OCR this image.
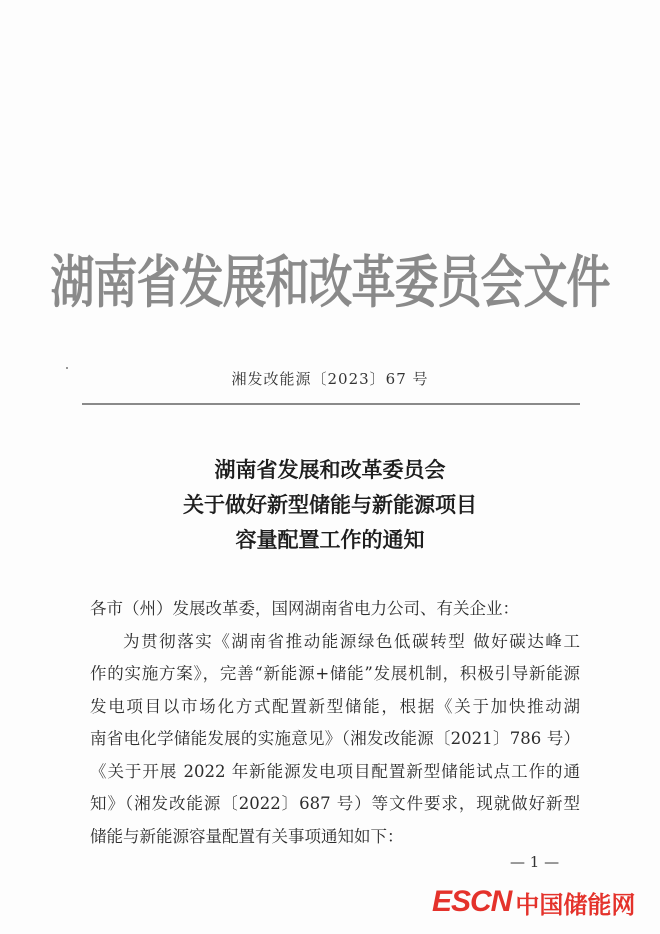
湖南省发展和改革委员会文件
湘发改能源〔2023〕67 号
湖南省发展和改革委员会
关于做好新型储能与新能源项目
容量配置工作的通知
各市（州）发展改革委，国网湖南省电力公司、有关企业：
为贯彻落实《湖南省推动能源绿色低碳转型 做好碳达峰工
作的实施方案》，完善“新能源+储能”发展机制，积极引导新能源
发电项目以市场化方式配置新型储能，根据《关于加快推动湖
南省电化学储能发展的实施意见》（湘发改能源〔2021〕786 号）
《关于开展 2022 年新能源发电项目配置新型储能试点工作的通
知》（湘发改能源〔2022〕687 号）等文件要求，现就做好新型
储能与新能源容量配置有关事项通知如下：
— 1 —
ESCN 中国储能网
